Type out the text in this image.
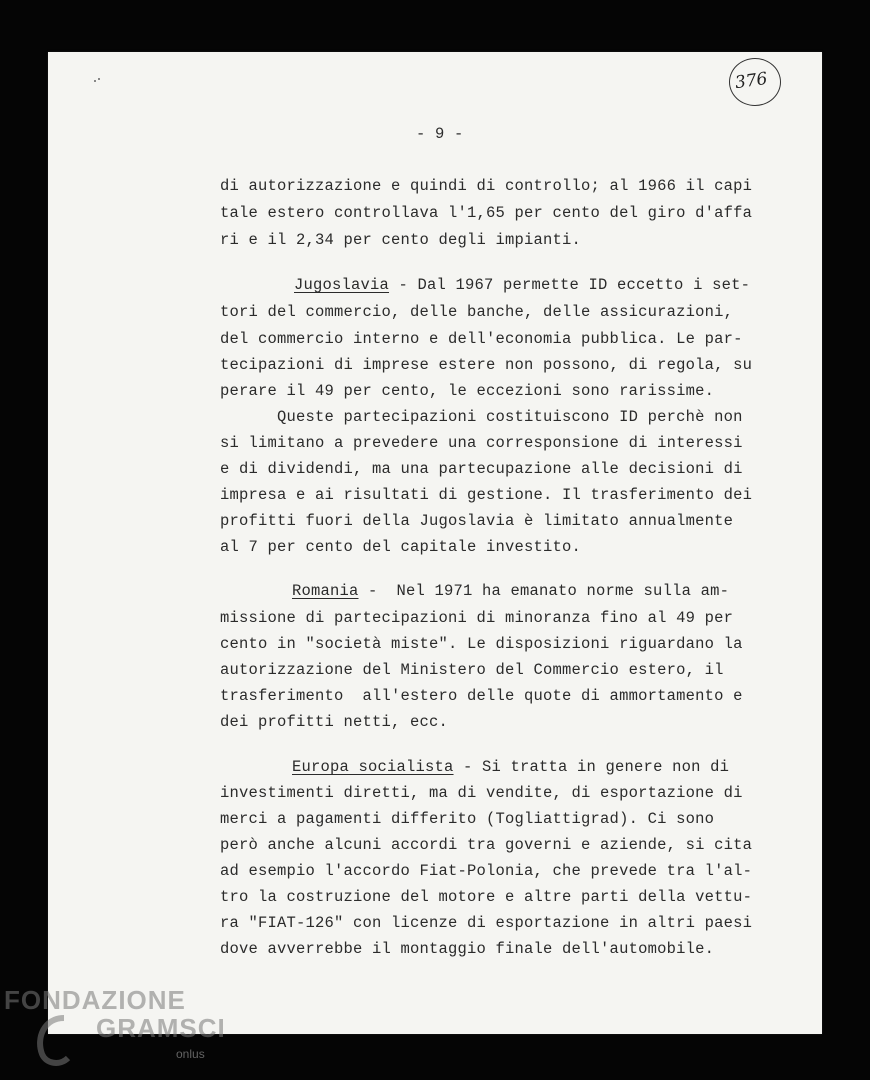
376
- 9 -
di autorizzazione e quindi di controllo; al 1966 il capi
tale estero controllava l'1,65 per cento del giro d'affa
ri e il 2,34 per cento degli impianti.
Jugoslavia - Dal 1967 permette ID eccetto i set-
tori del commercio, delle banche, delle assicurazioni,
del commercio interno e dell'economia pubblica. Le par-
tecipazioni di imprese estere non possono, di regola, su
perare il 49 per cento, le eccezioni sono rarissime.
Queste partecipazioni costituiscono ID perchè non
si limitano a prevedere una corresponsione di interessi
e di dividendi, ma una partecupazione alle decisioni di
impresa e ai risultati di gestione. Il trasferimento dei
profitti fuori della Jugoslavia è limitato annualmente
al 7 per cento del capitale investito.
Romania -  Nel 1971 ha emanato norme sulla am-
missione di partecipazioni di minoranza fino al 49 per
cento in "società miste". Le disposizioni riguardano la
autorizzazione del Ministero del Commercio estero, il
trasferimento  all'estero delle quote di ammortamento e
dei profitti netti, ecc.
Europa socialista - Si tratta in genere non di
investimenti diretti, ma di vendite, di esportazione di
merci a pagamenti differito (Togliattigrad). Ci sono
però anche alcuni accordi tra governi e aziende, si cita
ad esempio l'accordo Fiat-Polonia, che prevede tra l'al-
tro la costruzione del motore e altre parti della vettu-
ra "FIAT-126" con licenze di esportazione in altri paesi
dove avverrebbe il montaggio finale dell'automobile.
FONDAZIONE
GRAMSCI
onlus
